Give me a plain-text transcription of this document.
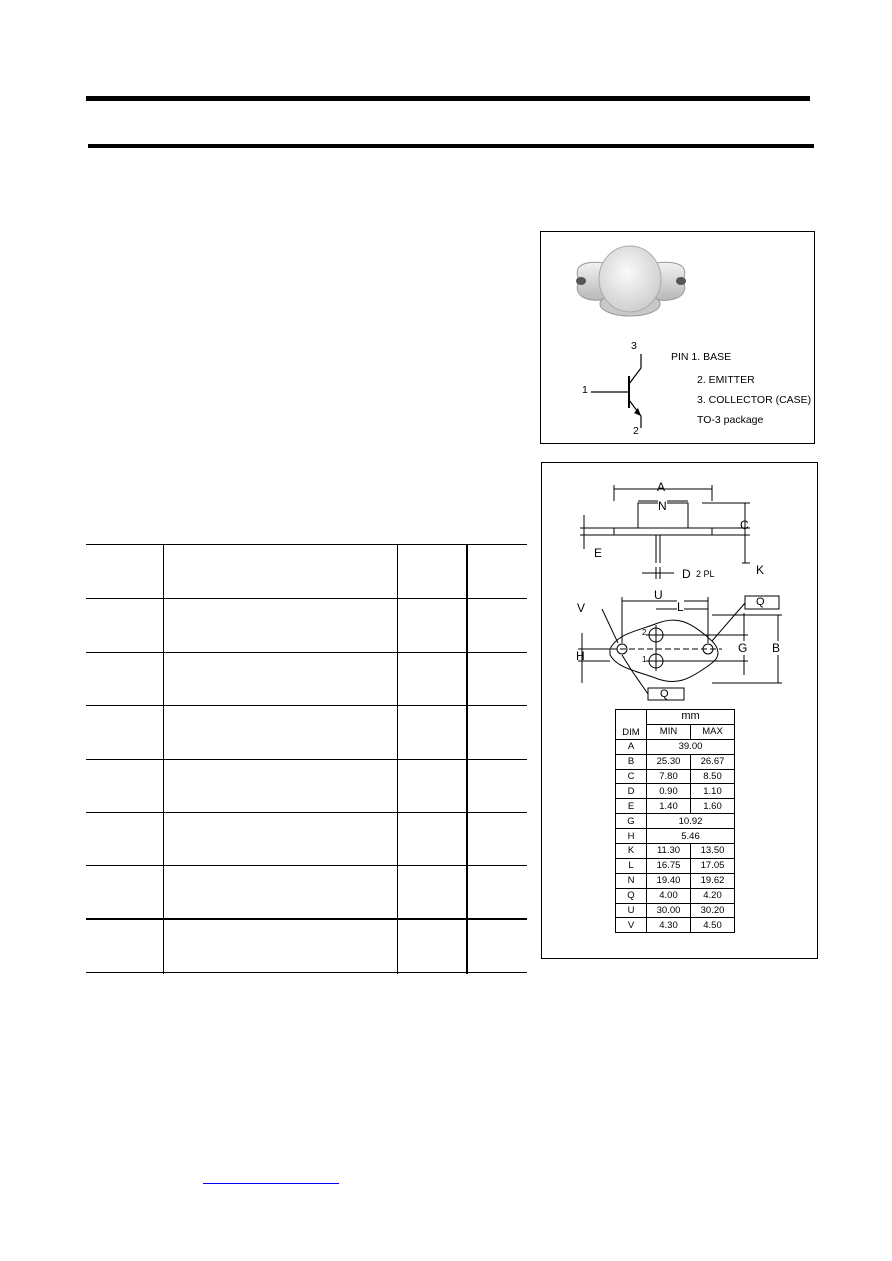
3
1
2
PIN 1. BASE
2. EMITTER
3. COLLECTOR (CASE)
TO-3 package
A
N
C
E
K
D 2 PL
U
L	Q
V
H
G B
Q
2
1
DIM	mm	
	MIN	MAX
A	39.00	
B	25.30	26.67
C	7.80	8.50
D	0.90	1.10
E	1.40	1.60
G	10.92	
H	5.46	
K	11.30	13.50
L	16.75	17.05
N	19.40	19.62
Q	4.00	4.20
U	30.00	30.20
V	4.30	4.50
